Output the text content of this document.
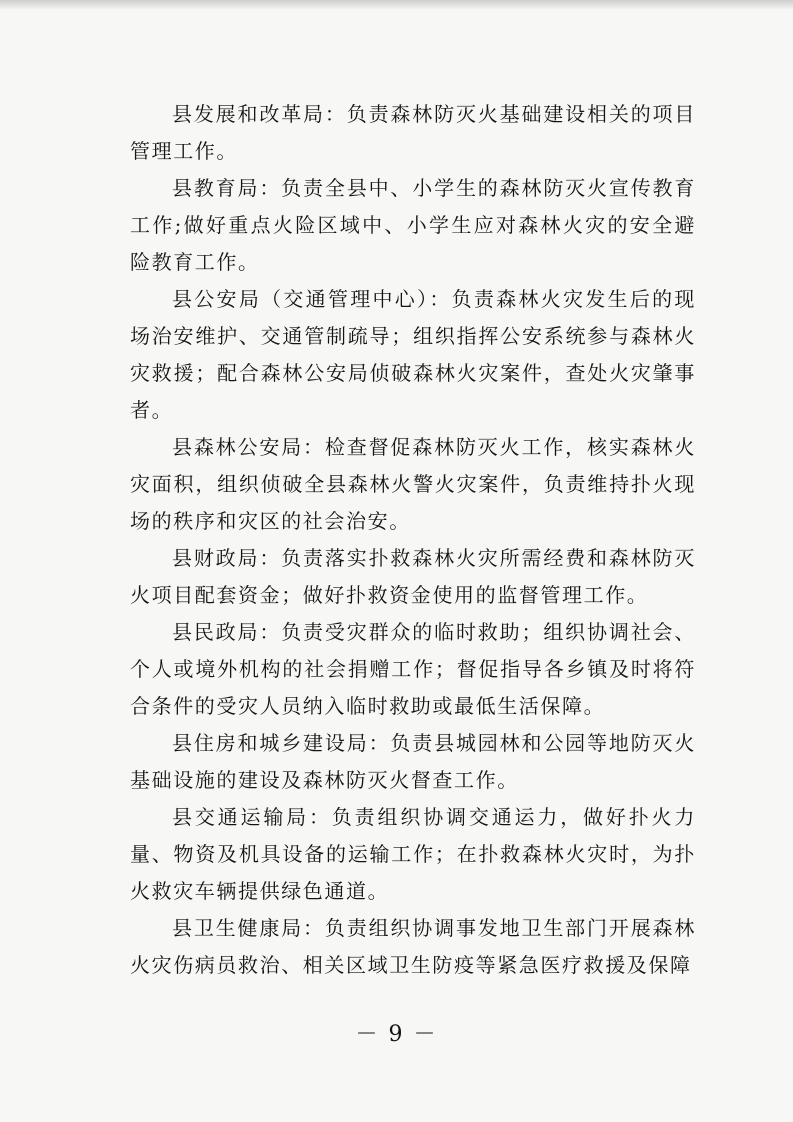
县发展和改革局：负责森林防灭火基础建设相关的项目管理工作。

县教育局：负责全县中、小学生的森林防灭火宣传教育工作;做好重点火险区域中、小学生应对森林火灾的安全避险教育工作。

县公安局（交通管理中心）：负责森林火灾发生后的现场治安维护、交通管制疏导；组织指挥公安系统参与森林火灾救援；配合森林公安局侦破森林火灾案件，查处火灾肇事者。

县森林公安局：检查督促森林防灭火工作，核实森林火灾面积，组织侦破全县森林火警火灾案件，负责维持扑火现场的秩序和灾区的社会治安。

县财政局：负责落实扑救森林火灾所需经费和森林防灭火项目配套资金；做好扑救资金使用的监督管理工作。

县民政局：负责受灾群众的临时救助；组织协调社会、个人或境外机构的社会捐赠工作；督促指导各乡镇及时将符合条件的受灾人员纳入临时救助或最低生活保障。

县住房和城乡建设局：负责县城园林和公园等地防灭火基础设施的建设及森林防灭火督查工作。

县交通运输局：负责组织协调交通运力，做好扑火力量、物资及机具设备的运输工作；在扑救森林火灾时，为扑火救灾车辆提供绿色通道。

县卫生健康局：负责组织协调事发地卫生部门开展森林火灾伤病员救治、相关区域卫生防疫等紧急医疗救援及保障

－ 9 －
